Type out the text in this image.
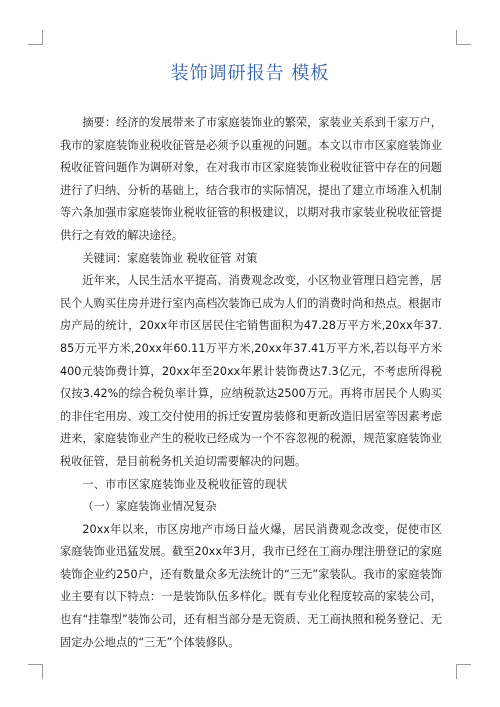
装饰调研报告 模板

摘要：经济的发展带来了市家庭装饰业的繁荣，家装业关系到千家万户，我市的家庭装饰业税收征管是必须予以重视的问题。本文以市市区家庭装饰业税收征管问题作为调研对象，在对我市市区家庭装饰业税收征管中存在的问题进行了归纳、分析的基础上，结合我市的实际情况，提出了建立市场准入机制等六条加强市家庭装饰业税收征管的积极建议，以期对我市家装业税收征管提供行之有效的解决途径。

关键词：家庭装饰业 税收征管 对策

近年来，人民生活水平提高、消费观念改变，小区物业管理日趋完善，居民个人购买住房并进行室内高档次装饰已成为人们的消费时尚和热点。根据市房产局的统计，20xx年市区居民住宅销售面积为47.28万平方米,20xx年37.85万元平方米,20xx年60.11万平方米,20xx年37.41万平方米,若以每平方米400元装饰费计算，20xx年至20xx年累计装饰费达7.3亿元，不考虑所得税仅按3.42%的综合税负率计算，应纳税款达2500万元。再将市居民个人购买的非住宅用房、竣工交付使用的拆迁安置房装修和更新改造旧居室等因素考虑进来，家庭装饰业产生的税收已经成为一个不容忽视的税源，规范家庭装饰业税收征管，是目前税务机关迫切需要解决的问题。

一、市市区家庭装饰业及税收征管的现状

（一）家庭装饰业情况复杂

20xx年以来，市区房地产市场日益火爆，居民消费观念改变，促使市区家庭装饰业迅猛发展。截至20xx年3月，我市已经在工商办理注册登记的家庭装饰企业约250户，还有数量众多无法统计的“三无”家装队。我市的家庭装饰业主要有以下特点：一是装饰队伍多样化。既有专业化程度较高的家装公司，也有“挂靠型”装饰公司，还有相当部分是无资质、无工商执照和税务登记、无固定办公地点的“三无”个体装修队。
